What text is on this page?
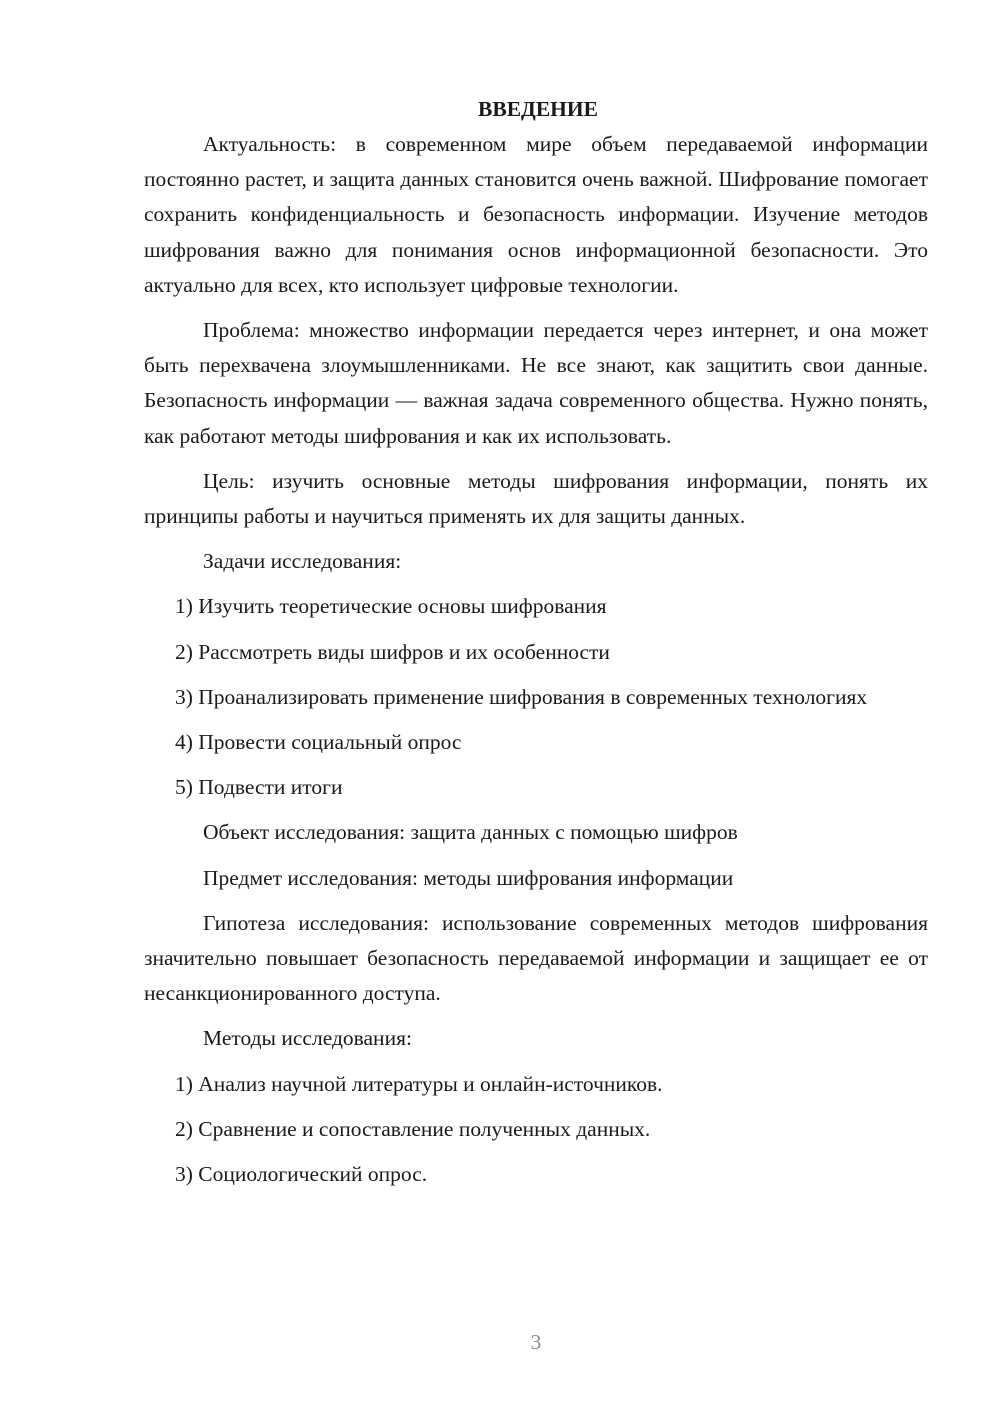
ВВЕДЕНИЕ

Актуальность: в современном мире объем передаваемой информации постоянно растет, и защита данных становится очень важной. Шифрование помогает сохранить конфиденциальность и безопасность информации. Изучение методов шифрования важно для понимания основ информационной безопасности. Это актуально для всех, кто использует цифровые технологии.

Проблема: множество информации передается через интернет, и она может быть перехвачена злоумышленниками. Не все знают, как защитить свои данные. Безопасность информации — важная задача современного общества. Нужно понять, как работают методы шифрования и как их использовать.

Цель: изучить основные методы шифрования информации, понять их принципы работы и научиться применять их для защиты данных.

Задачи исследования:

1) Изучить теоретические основы шифрования

2) Рассмотреть виды шифров и их особенности

3) Проанализировать применение шифрования в современных технологиях

4) Провести социальный опрос

5) Подвести итоги

Объект исследования: защита данных с помощью шифров

Предмет исследования: методы шифрования информации

Гипотеза исследования: использование современных методов шифрования значительно повышает безопасность передаваемой информации и защищает ее от несанкционированного доступа.

Методы исследования:

1) Анализ научной литературы и онлайн-источников.

2) Сравнение и сопоставление полученных данных.

3) Социологический опрос.

3
